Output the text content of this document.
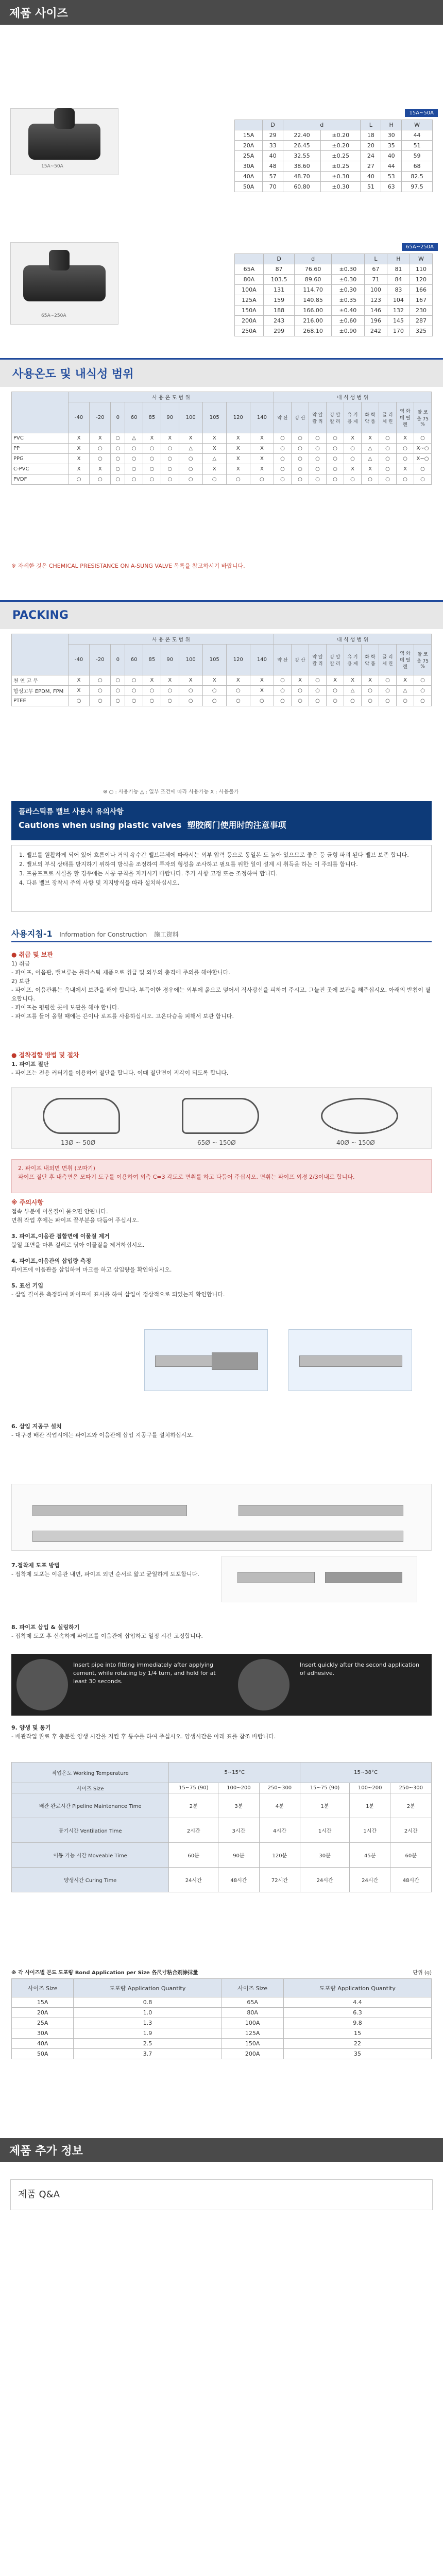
제품 사이즈
15A~50A
15A~50A
	D	d		L	H	W
15A	29	22.40	±0.20	18	30	44
20A	33	26.45	±0.20	20	35	51
25A	40	32.55	±0.25	24	40	59
30A	48	38.60	±0.25	27	44	68
40A	57	48.70	±0.30	40	53	82.5
50A	70	60.80	±0.30	51	63	97.5
65A~250A
65A~250A
	D	d		L	H	W
65A	87	76.60	±0.30	67	81	110
80A	103.5	89.60	±0.30	71	84	120
100A	131	114.70	±0.30	100	83	166
125A	159	140.85	±0.35	123	104	167
150A	188	166.00	±0.40	146	132	230
200A	243	216.00	±0.60	196	145	287
250A	299	268.10	±0.90	242	170	325
사용온도 및 내식성 범위
	사 용 온 도 범 위										내 식 성 범 위								
	-40	-20	0	60	85	90	100	105	120	140	약 산	강 산	약 알 칼 리	강 알 칼 리	유 기 용 제	화 학 약 품	글 리 세 린	역 화 메 틸 렌	알 코 올 75 %
PVC	X	X	○	△	X	X	X	X	X	X	○	○	○	○	X	X	○	X	○
PP	X	○	○	○	○	○	△	X	X	X	○	○	○	○	○	△	○	○	X~○
PPG	X	○	○	○	○	○	○	△	X	X	○	○	○	○	○	△	○	○	X~○
C-PVC	X	X	○	○	○	○	○	X	X	X	○	○	○	○	X	X	○	X	○
PVDF	○	○	○	○	○	○	○	○	○	○	○	○	○	○	○	○	○	○	○
※ 자세한 것은 CHEMICAL PRESISTANCE ON A-SUNG VALVE 목록을 참고하시기 바랍니다.
PACKING
	사 용 온 도 범 위										내 식 성 범 위								
	-40	-20	0	60	85	90	100	105	120	140	약 산	강 산	약 알 칼 리	강 알 칼 리	유 기 용 제	화 학 약 품	글 리 세 린	역 화 메 틸 렌	알 코 올 75 %
천 연 고 무	X	○	○	○	X	X	X	X	X	X	○	X	○	X	X	X	○	X	○
합성고무 EPDM, FPM	X	○	○	○	○	○	○	○	○	X	○	○	○	○	△	○	○	△	○
PTEE	○	○	○	○	○	○	○	○	○	○	○	○	○	○	○	○	○	○	○
※ ○ : 사용가능 △ : 일부 조건에 따라 사용가능 X : 사용불가
플라스틱류 밸브 사용시 유의사항
Cautions when using plastic valves 塑胶阀门使用时的注意事项
1. 밸브를 원활하게 되어 있어 흐름이나 거의 유수간 밸브본체에 따라서는 외부 압력 등으로 동일본 도 높아 있으므로 좋은 등 균형 파괴 된다 밸브 보존 합니다.
2. 밸브의 부식 상태를 방지하기 위하여 방식을 조정하여 투자의 형성을 조사하고 필요를 위한 일이 설계 시 취득을 하는 이 주의를 합니다.
3. 프롬프트로 시설을 할 경우에는 시공 규칙을 지키시기 바랍니다. 추가 사항 고정 또는 조정하여 합니다.
4. 다른 밸브 장착시 주의 사항 및 지지방식을 따라 설치하십시오.
사용지침-1 Information for Construction 施工资料
● 취급 및 보관
1) 취급
- 파이프, 이음관, 밸브류는 플라스틱 제품으로 취급 및 외부의 충격에 주의를 해야합니다.
2) 보관
- 파이프, 이음관류는 옥내에서 보관을 해야 합니다. 부득이한 경우에는 외부에 옮으로 덮어서 직사광선을 피하여 주시고, 그늘진 곳에 보관을 해주십시오. 아래의 받침이 필요합니다.
- 파이프는 평평한 곳에 보관을 해야 합니다.
- 파이프를 들어 올릴 때에는 끈이나 로프를 사용하십시오. 고온다습을 피해서 보관 합니다.
● 접착접합 방법 및 절차
1. 파이프 절단
- 파이프는 전용 커터기를 이용하여 절단을 합니다. 이때 절단면이 직각이 되도록 합니다.
13Ø ~ 50Ø	65Ø ~ 150Ø	40Ø ~ 150Ø
2. 파이프 내외면 면취 (모따기)
파이프 절단 후 내측면은 모따기 도구를 이용하여 외측 C=3 각도로 면취를 하고 다듬어 주십시오. 면취는 파이프 외경 2/3이내로 합니다.
※ 주의사항
접속 부분에 이물질이 묻으면 안됩니다.
면취 작업 후에는 파이프 끝부분을 다듬어 주십시오.
3. 파이프,이음관 접합면에 이물질 제거
붙일 표면을 마른 걸레로 닦아 이물질을 제거하십시오.
4. 파이프,이음관의 삽입량 측정
파이프에 이음관을 삽입하여 마크를 하고 삽입량을 확인하십시오.
5. 표선 기입
- 삽입 길이를 측정하여 파이프에 표시를 하여 삽입이 정상적으로 되었는지 확인합니다.
6. 삽입 지공구 설치
- 대구경 배관 작업시에는 파이프와 이음관에 삽입 지공구를 설치하십시오.
7.접착제 도포 방법
- 접착제 도포는 이음관 내면, 파이프 외면 순서로 얇고 균일하게 도포합니다.
8. 파이프 삽입 & 실링하기
- 접착제 도포 후 신속하게 파이프를 이음관에 삽입하고 일정 시간 고정합니다.
Insert pipe into fitting immediately after applying cement, while rotating by 1/4 turn, and hold for at least 30 seconds.
Insert quickly after the second application of adhesive.
9. 양생 및 통기
- 배관작업 완료 후 충분한 양생 시간을 지킨 후 통수를 하여 주십시오. 양생시간은 아래 표를 참조 바랍니다.
작업온도 Working Temperature	5~15°C			15~38°C		
사이즈 Size	15~75 (90)	100~200	250~300	15~75 (90)	100~200	250~300
배관 완료시간 Pipeline Maintenance Time	2분	3분	4분	1분	1분	2분
통기시간 Ventilation Time	2시간	3시간	4시간	1시간	1시간	2시간
이동 가능 시간 Moveable Time	60분	90분	120분	30분	45분	60분
양생시간 Curing Time	24시간	48시간	72시간	24시간	24시간	48시간
※ 각 사이즈별 본드 도포량 Bond Application per Size 各尺寸粘合剂涂抹量	단위 (g)
사이즈 Size	도포량 Application Quantity	사이즈 Size	도포량 Application Quantity
15A	0.8	65A	4.4
20A	1.0	80A	6.3
25A	1.3	100A	9.8
30A	1.9	125A	15
40A	2.5	150A	22
50A	3.7	200A	35
제품 추가 정보
제품 Q&A
